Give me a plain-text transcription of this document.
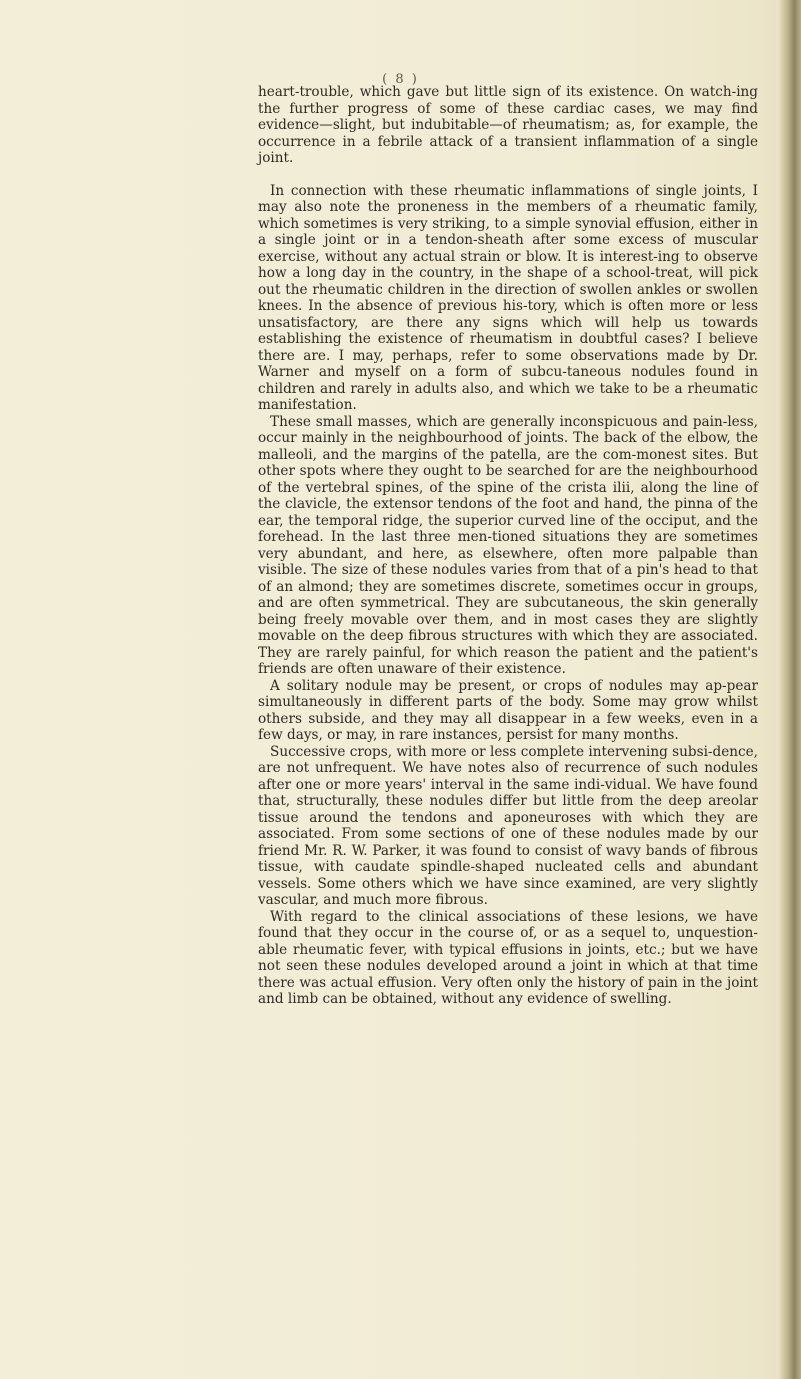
( 8 )

heart-trouble, which gave but little sign of its existence. On watch-ing the further progress of some of these cardiac cases, we may find evidence—slight, but indubitable—of rheumatism; as, for example, the occurrence in a febrile attack of a transient inflammation of a single joint.

In connection with these rheumatic inflammations of single joints, I may also note the proneness in the members of a rheumatic family, which sometimes is very striking, to a simple synovial effusion, either in a single joint or in a tendon-sheath after some excess of muscular exercise, without any actual strain or blow. It is interest-ing to observe how a long day in the country, in the shape of a school-treat, will pick out the rheumatic children in the direction of swollen ankles or swollen knees. In the absence of previous his-tory, which is often more or less unsatisfactory, are there any signs which will help us towards establishing the existence of rheumatism in doubtful cases? I believe there are. I may, perhaps, refer to some observations made by Dr. Warner and myself on a form of subcu-taneous nodules found in children and rarely in adults also, and which we take to be a rheumatic manifestation.

These small masses, which are generally inconspicuous and pain-less, occur mainly in the neighbourhood of joints. The back of the elbow, the malleoli, and the margins of the patella, are the com-monest sites. But other spots where they ought to be searched for are the neighbourhood of the vertebral spines, of the spine of the crista ilii, along the line of the clavicle, the extensor tendons of the foot and hand, the pinna of the ear, the temporal ridge, the superior curved line of the occiput, and the forehead. In the last three men-tioned situations they are sometimes very abundant, and here, as elsewhere, often more palpable than visible. The size of these nodules varies from that of a pin's head to that of an almond; they are sometimes discrete, sometimes occur in groups, and are often symmetrical. They are subcutaneous, the skin generally being freely movable over them, and in most cases they are slightly movable on the deep fibrous structures with which they are associated. They are rarely painful, for which reason the patient and the patient's friends are often unaware of their existence.

A solitary nodule may be present, or crops of nodules may ap-pear simultaneously in different parts of the body. Some may grow whilst others subside, and they may all disappear in a few weeks, even in a few days, or may, in rare instances, persist for many months.

Successive crops, with more or less complete intervening subsi-dence, are not unfrequent. We have notes also of recurrence of such nodules after one or more years' interval in the same indi-vidual. We have found that, structurally, these nodules differ but little from the deep areolar tissue around the tendons and aponeuroses with which they are associated. From some sections of one of these nodules made by our friend Mr. R. W. Parker, it was found to consist of wavy bands of fibrous tissue, with caudate spindle-shaped nucleated cells and abundant vessels. Some others which we have since examined, are very slightly vascular, and much more fibrous.

With regard to the clinical associations of these lesions, we have found that they occur in the course of, or as a sequel to, unquestion-able rheumatic fever, with typical effusions in joints, etc.; but we have not seen these nodules developed around a joint in which at that time there was actual effusion. Very often only the history of pain in the joint and limb can be obtained, without any evidence of swelling.
